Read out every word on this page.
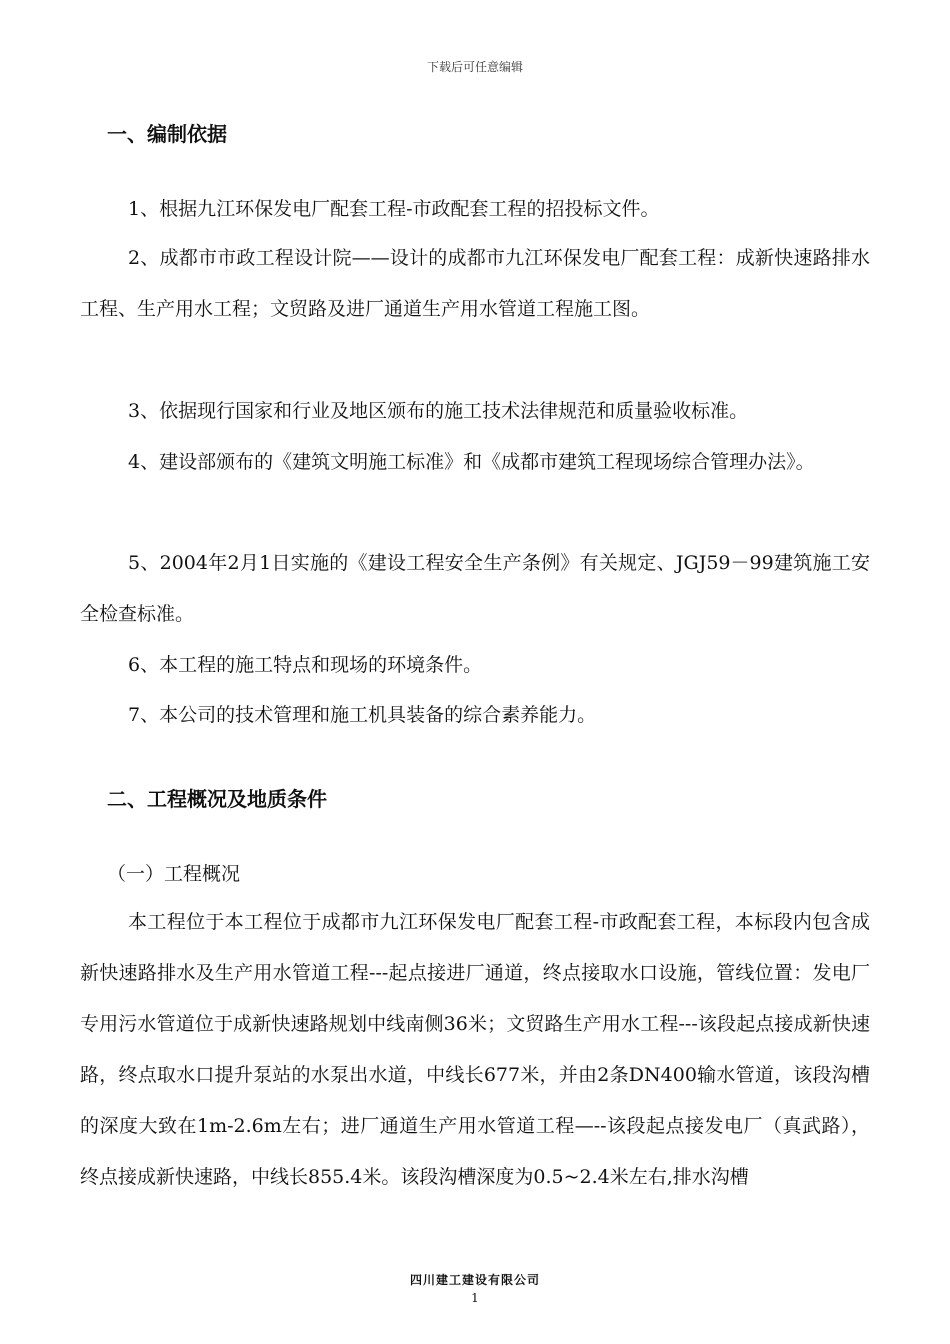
下载后可任意编辑
一、编制依据
1、根据九江环保发电厂配套工程-市政配套工程的招投标文件。
2、成都市市政工程设计院——设计的成都市九江环保发电厂配套工程：成新快速路排水工程、生产用水工程；文贸路及进厂通道生产用水管道工程施工图。
3、依据现行国家和行业及地区颁布的施工技术法律规范和质量验收标准。
4、建设部颁布的《建筑文明施工标准》和《成都市建筑工程现场综合管理办法》。
5、2004年2月1日实施的《建设工程安全生产条例》有关规定、JGJ59－99建筑施工安全检查标准。
6、本工程的施工特点和现场的环境条件。
7、本公司的技术管理和施工机具装备的综合素养能力。
二、工程概况及地质条件
（一）工程概况
本工程位于本工程位于成都市九江环保发电厂配套工程-市政配套工程，本标段内包含成新快速路排水及生产用水管道工程---起点接进厂通道，终点接取水口设施，管线位置：发电厂专用污水管道位于成新快速路规划中线南侧36米；文贸路生产用水工程---该段起点接成新快速路，终点取水口提升泵站的水泵出水道，中线长677米，并由2条DN400输水管道，该段沟槽的深度大致在1m-2.6m左右；进厂通道生产用水管道工程—--该段起点接发电厂（真武路），终点接成新快速路，中线长855.4米。该段沟槽深度为0.5~2.4米左右,排水沟槽
四川建工建设有限公司
1
